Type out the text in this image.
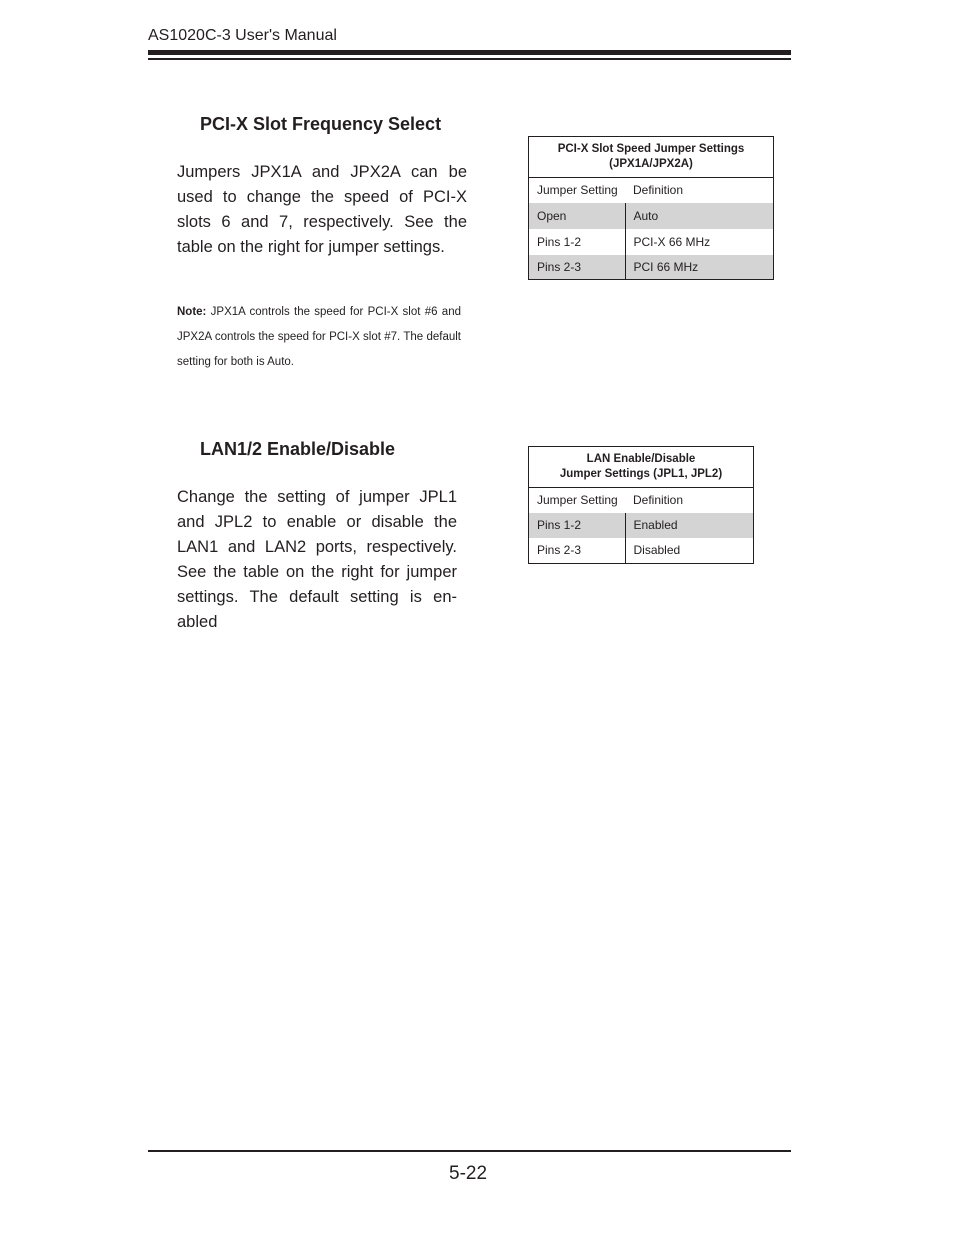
AS1020C-3 User's Manual
PCI-X Slot Frequency Select
Jumpers JPX1A and JPX2A can be used to change the speed of PCI-X slots 6 and 7, respectively. See the table on the right for jumper settings.
Note: JPX1A controls the speed for PCI-X slot #6 and JPX2A controls the speed for PCI-X slot #7. The default setting for both is Auto.
PCI-X Slot Speed Jumper Settings
(JPX1A/JPX2A)	
Jumper Setting	Definition
Open	Auto
Pins 1-2	PCI-X 66 MHz
Pins 2-3	PCI 66 MHz
LAN1/2 Enable/Disable
Change the setting of jumper JPL1 and JPL2 to enable or disable the LAN1 and LAN2 ports, respectively. See the table on the right for jumper settings. The default setting is en-abled
LAN Enable/Disable
Jumper Settings (JPL1, JPL2)	
Jumper Setting	Definition
Pins 1-2	Enabled
Pins 2-3	Disabled
5-22
